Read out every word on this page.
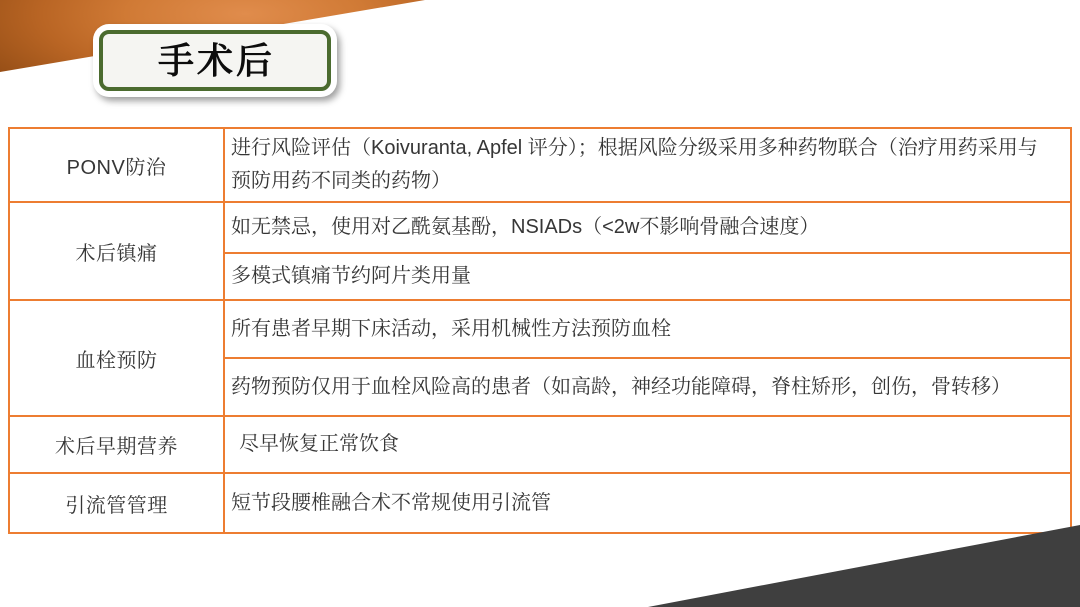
手术后
PONV防治	进行风险评估（Koivuranta, Apfel 评分）；根据风险分级采用多种药物联合（治疗用药采用与预防用药不同类的药物）
术后镇痛	如无禁忌，使用对乙酰氨基酚，NSIADs（<2w不影响骨融合速度）
	多模式镇痛节约阿片类用量
血栓预防	所有患者早期下床活动，采用机械性方法预防血栓
	药物预防仅用于血栓风险高的患者（如高龄，神经功能障碍，脊柱矫形，创伤，骨转移）
术后早期营养	尽早恢复正常饮食
引流管管理	短节段腰椎融合术不常规使用引流管
